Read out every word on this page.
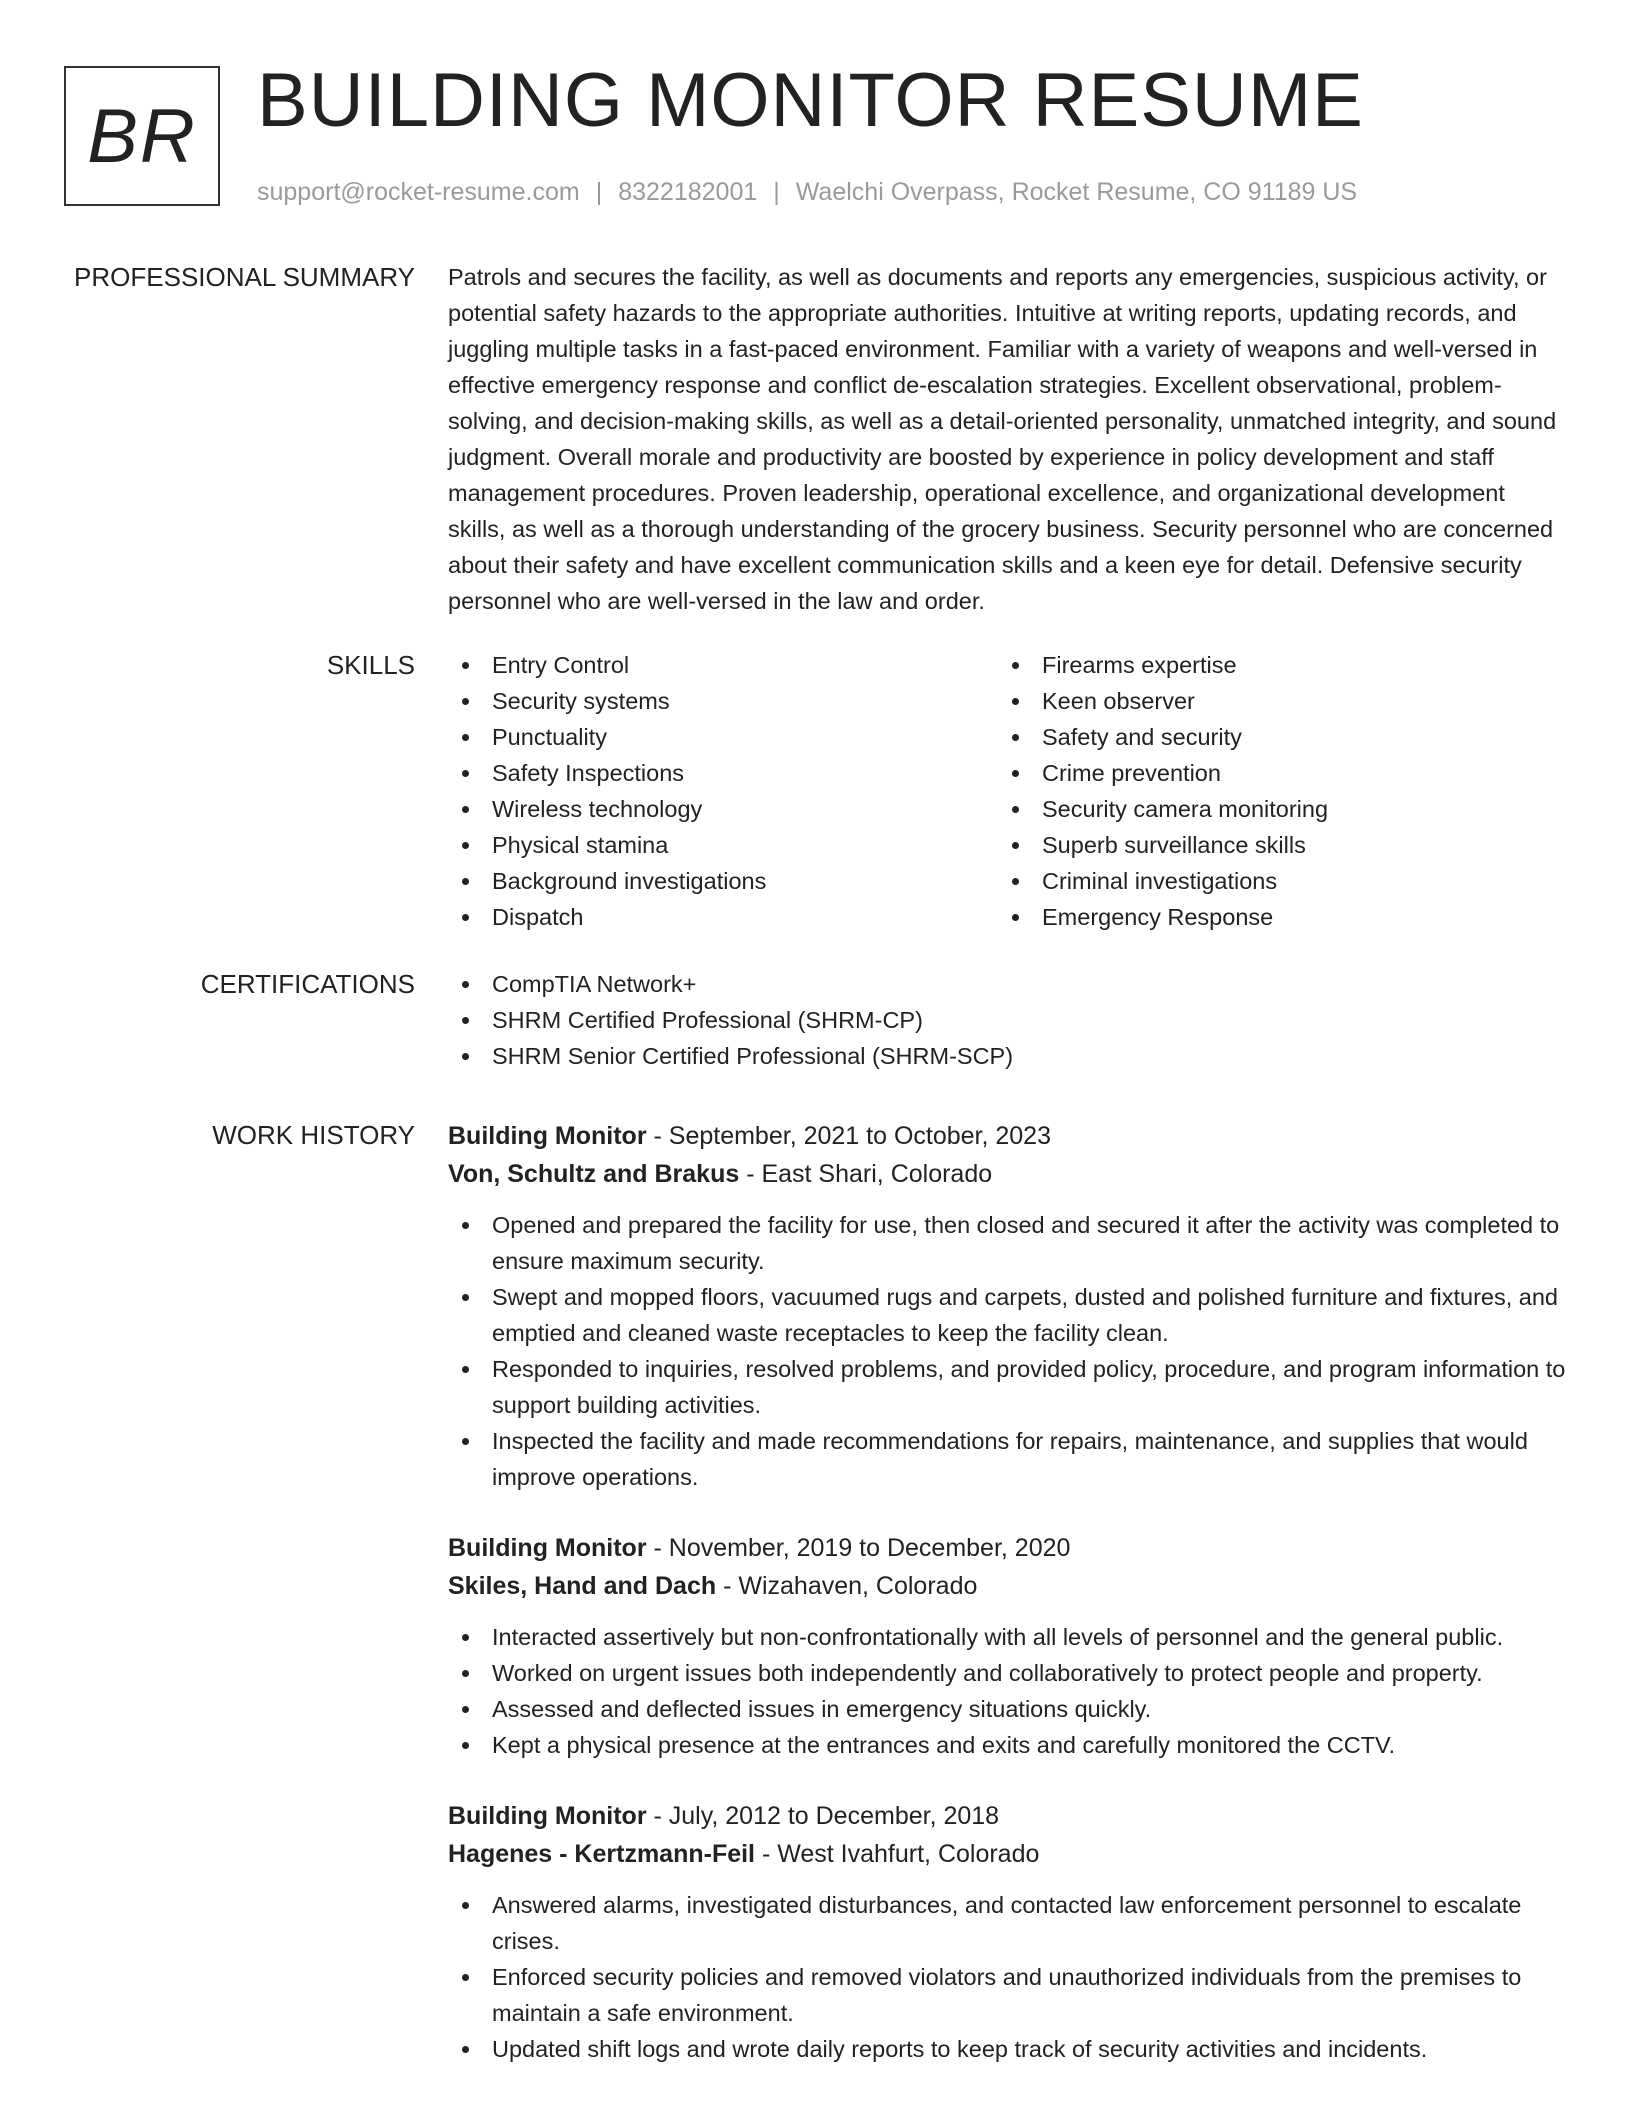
BR BUILDING MONITOR RESUME
support@rocket-resume.com | 8322182001 | Waelchi Overpass, Rocket Resume, CO 91189 US
PROFESSIONAL SUMMARY Patrols and secures the facility, as well as documents and reports any emergencies, suspicious activity, or potential safety hazards to the appropriate authorities. Intuitive at writing reports, updating records, and juggling multiple tasks in a fast-paced environment. Familiar with a variety of weapons and well-versed in effective emergency response and conflict de-escalation strategies. Excellent observational, problem-solving, and decision-making skills, as well as a detail-oriented personality, unmatched integrity, and sound judgment. Overall morale and productivity are boosted by experience in policy development and staff management procedures. Proven leadership, operational excellence, and organizational development skills, as well as a thorough understanding of the grocery business. Security personnel who are concerned about their safety and have excellent communication skills and a keen eye for detail. Defensive security personnel who are well-versed in the law and order.

SKILLS	Entry Control
Security systems
Punctuality
Safety Inspections
Wireless technology
Physical stamina
Background investigations
Dispatch
Firearms expertise
Keen observer
Safety and security
Crime prevention
Security camera monitoring
Superb surveillance skills
Criminal investigations
Emergency Response
CERTIFICATIONS	CompTIA Network+
SHRM Certified Professional (SHRM-CP)
SHRM Senior Certified Professional (SHRM-SCP)
WORK HISTORY Building Monitor - September, 2021 to October, 2023
Von, Schultz and Brakus - East Shari, Colorado
Opened and prepared the facility for use, then closed and secured it after the activity was completed to ensure maximum security.
Swept and mopped floors, vacuumed rugs and carpets, dusted and polished furniture and fixtures, and emptied and cleaned waste receptacles to keep the facility clean.
Responded to inquiries, resolved problems, and provided policy, procedure, and program information to support building activities.
Inspected the facility and made recommendations for repairs, maintenance, and supplies that would improve operations.
Building Monitor - November, 2019 to December, 2020
Skiles, Hand and Dach - Wizahaven, Colorado
Interacted assertively but non-confrontationally with all levels of personnel and the general public.
Worked on urgent issues both independently and collaboratively to protect people and property.
Assessed and deflected issues in emergency situations quickly.
Kept a physical presence at the entrances and exits and carefully monitored the CCTV.
Building Monitor - July, 2012 to December, 2018
Hagenes - Kertzmann-Feil - West Ivahfurt, Colorado
Answered alarms, investigated disturbances, and contacted law enforcement personnel to escalate crises.
Enforced security policies and removed violators and unauthorized individuals from the premises to maintain a safe environment.
Updated shift logs and wrote daily reports to keep track of security activities and incidents.
